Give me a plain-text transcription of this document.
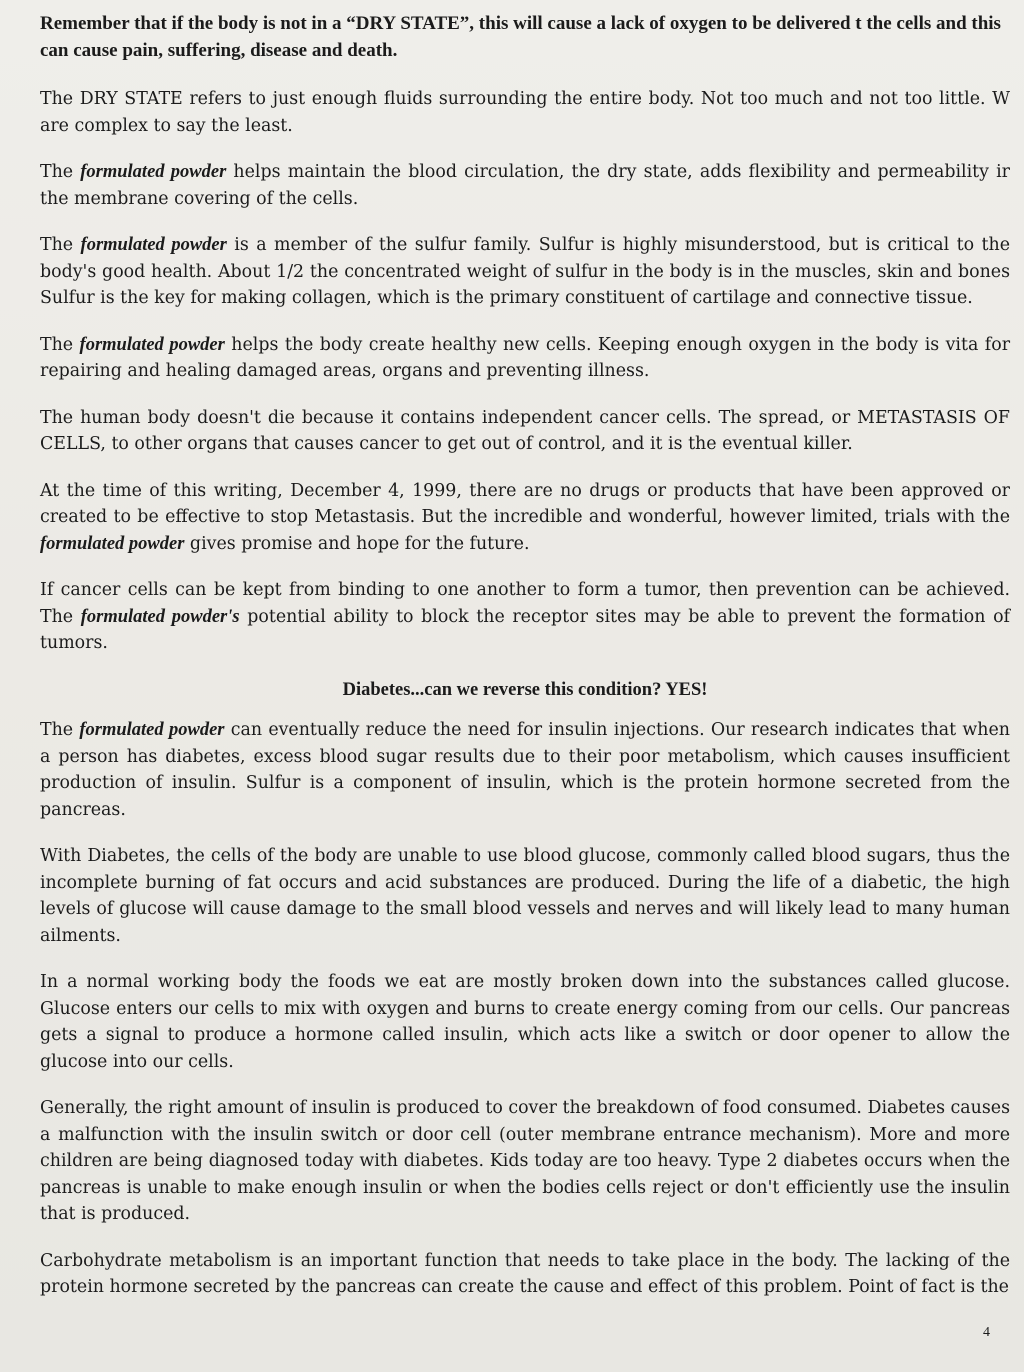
Remember that if the body is not in a “DRY STATE”, this will cause a lack of oxygen to be delivered t the cells and this can cause pain, suffering, disease and death.

The DRY STATE refers to just enough fluids surrounding the entire body. Not too much and not too little. W are complex to say the least.

The formulated powder helps maintain the blood circulation, the dry state, adds flexibility and permeability ir the membrane covering of the cells.

The formulated powder is a member of the sulfur family. Sulfur is highly misunderstood, but is critical to the body's good health. About 1/2 the concentrated weight of sulfur in the body is in the muscles, skin and bones Sulfur is the key for making collagen, which is the primary constituent of cartilage and connective tissue.

The formulated powder helps the body create healthy new cells. Keeping enough oxygen in the body is vita for repairing and healing damaged areas, organs and preventing illness.

The human body doesn't die because it contains independent cancer cells. The spread, or METASTASIS OF CELLS, to other organs that causes cancer to get out of control, and it is the eventual killer.

At the time of this writing, December 4, 1999, there are no drugs or products that have been approved or created to be effective to stop Metastasis. But the incredible and wonderful, however limited, trials with the formulated powder gives promise and hope for the future.

If cancer cells can be kept from binding to one another to form a tumor, then prevention can be achieved. The formulated powder's potential ability to block the receptor sites may be able to prevent the formation of tumors.

Diabetes...can we reverse this condition? YES!

The formulated powder can eventually reduce the need for insulin injections. Our research indicates that when a person has diabetes, excess blood sugar results due to their poor metabolism, which causes insufficient production of insulin. Sulfur is a component of insulin, which is the protein hormone secreted from the pancreas.

With Diabetes, the cells of the body are unable to use blood glucose, commonly called blood sugars, thus the incomplete burning of fat occurs and acid substances are produced. During the life of a diabetic, the high levels of glucose will cause damage to the small blood vessels and nerves and will likely lead to many human ailments.

In a normal working body the foods we eat are mostly broken down into the substances called glucose. Glucose enters our cells to mix with oxygen and burns to create energy coming from our cells. Our pancreas gets a signal to produce a hormone called insulin, which acts like a switch or door opener to allow the glucose into our cells.

Generally, the right amount of insulin is produced to cover the breakdown of food consumed. Diabetes causes a malfunction with the insulin switch or door cell (outer membrane entrance mechanism). More and more children are being diagnosed today with diabetes. Kids today are too heavy. Type 2 diabetes occurs when the pancreas is unable to make enough insulin or when the bodies cells reject or don't efficiently use the insulin that is produced.

Carbohydrate metabolism is an important function that needs to take place in the body. The lacking of the protein hormone secreted by the pancreas can create the cause and effect of this problem. Point of fact is the

4
